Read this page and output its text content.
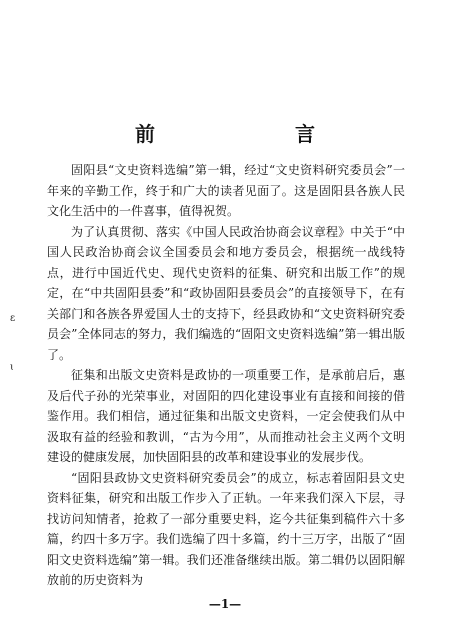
前　言

固阳县“文史资料选编”第一辑，经过“文史资料研究委员会”一年来的辛勤工作，终于和广大的读者见面了。这是固阳县各族人民文化生活中的一件喜事，值得祝贺。

为了认真贯彻、落实《中国人民政治协商会议章程》中关于“中国人民政治协商会议全国委员会和地方委员会，根据统一战线特点，进行中国近代史、现代史资料的征集、研究和出版工作”的规定，在“中共固阳县委”和“政协固阳县委员会”的直接领导下，在有关部门和各族各界爱国人士的支持下，经县政协和“文史资料研究委员会”全体同志的努力，我们编选的“固阳文史资料选编”第一辑出版了。

征集和出版文史资料是政协的一项重要工作，是承前启后，惠及后代子孙的光荣事业，对固阳的四化建设事业有直接和间接的借鉴作用。我们相信，通过征集和出版文史资料，一定会使我们从中汲取有益的经验和教训，“古为今用”，从而推动社会主义两个文明建设的健康发展，加快固阳县的改革和建设事业的发展步伐。

“固阳县政协文史资料研究委员会”的成立，标志着固阳县文史资料征集，研究和出版工作步入了正轨。一年来我们深入下层，寻找访问知情者，抢救了一部分重要史料，迄今共征集到稿件六十多篇，约四十多万字。我们选编了四十多篇，约十三万字，出版了“固阳文史资料选编”第一辑。我们还准备继续出版。第二辑仍以固阳解放前的历史资料为

ε
ɩ
—1—
